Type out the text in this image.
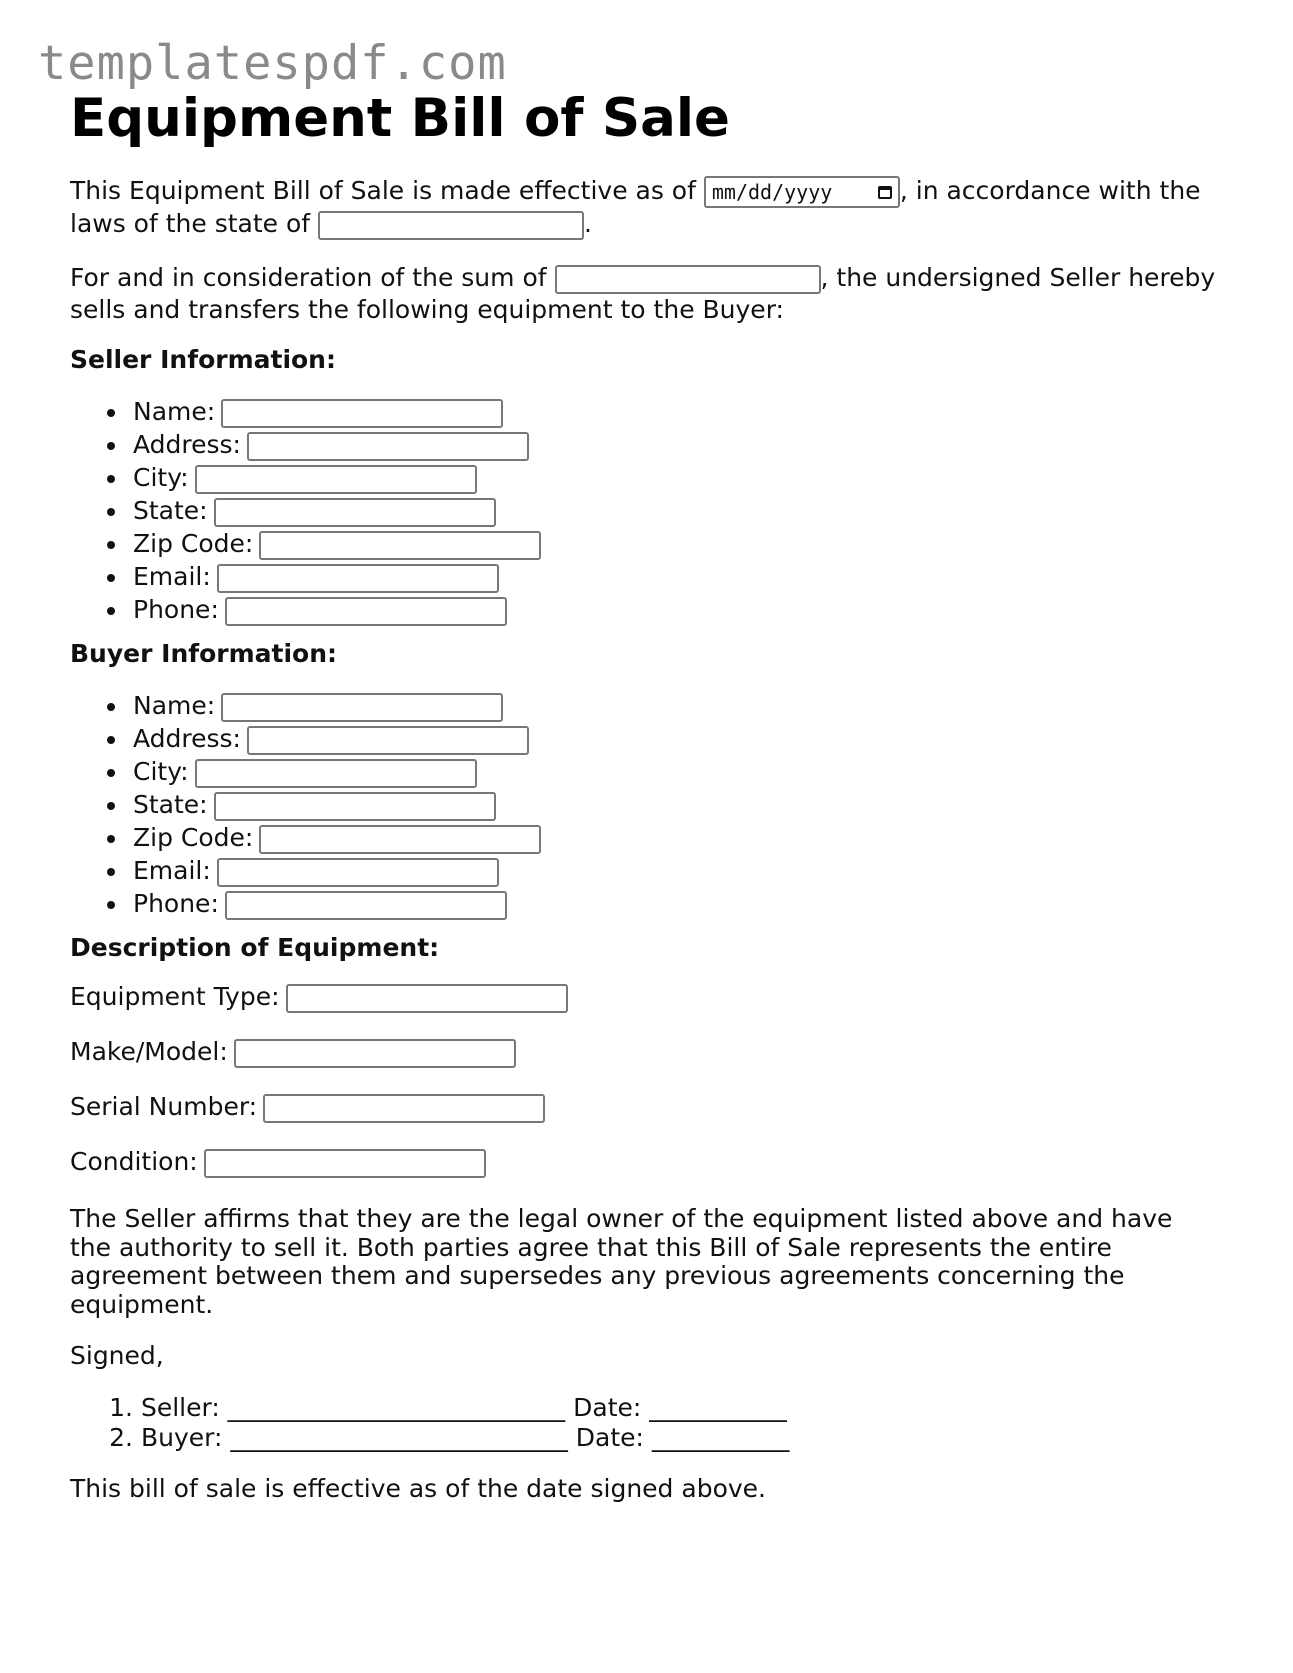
templatespdf.com
Equipment Bill of Sale
This Equipment Bill of Sale is made effective as of mm/dd/yyyy	, in accordance with the laws of the state of	.
For and in consideration of the sum of	, the undersigned Seller hereby sells and transfers the following equipment to the Buyer:
Seller Information:
Name:
Address:
City:
State:
Zip Code:
Email:
Phone:
Buyer Information:
Name:
Address:
City:
State:
Zip Code:
Email:
Phone:
Description of Equipment:
Equipment Type:
Make/Model:
Serial Number:
Condition:
The Seller affirms that they are the legal owner of the equipment listed above and have the authority to sell it. Both parties agree that this Bill of Sale represents the entire agreement between them and supersedes any previous agreements concerning the equipment.
Signed,
1. Seller: ___________________________ Date: ___________
2. Buyer: ___________________________ Date: ___________
This bill of sale is effective as of the date signed above.
